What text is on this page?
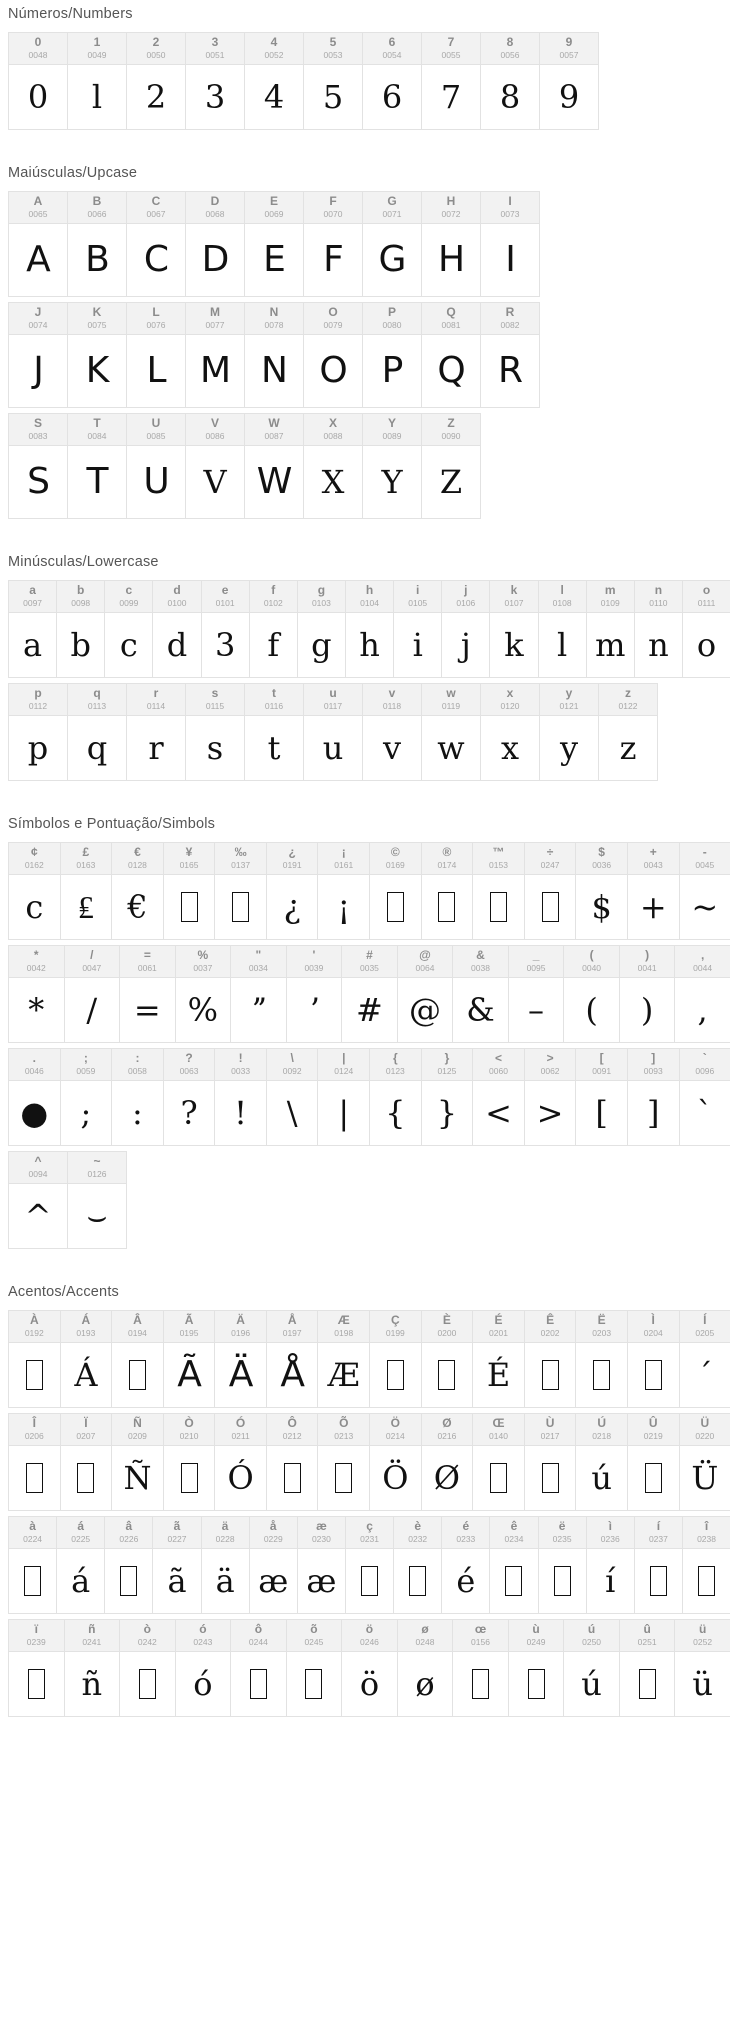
Números/Numbers
0
0048
0
1
0049
l
2
0050
2
3
0051
3
4
0052
4
5
0053
5
6
0054
6
7
0055
7
8
0056
8
9
0057
9
Maiúsculas/Upcase
A
0065
A
B
0066
B
C
0067
C
D
0068
D
E
0069
E
F
0070
F
G
0071
G
H
0072
H
I
0073
I
J
0074
J
K
0075
K
L
0076
L
M
0077
M
N
0078
N
O
0079
O
P
0080
P
Q
0081
Q
R
0082
R
S
0083
S
T
0084
T
U
0085
U
V
0086
V
W
0087
W
X
0088
X
Y
0089
Y
Z
0090
Z
Minúsculas/Lowercase
a
0097
a
b
0098
b
c
0099
c
d
0100
d
e
0101
3
f
0102
f
g
0103
g
h
0104
h
i
0105
i
j
0106
j
k
0107
k
l
0108
l
m
0109
m
n
0110
n
o
0111
o
p
0112
p
q
0113
q
r
0114
r
s
0115
s
t
0116
t
u
0117
u
v
0118
v
w
0119
w
x
0120
x
y
0121
y
z
0122
z
Símbolos e Pontuação/Simbols
¢
0162
c
£
0163
₤
€
0128
€
¥
0165
‰
0137
¿
0191
¿
¡
0161
¡
©
0169
®
0174
™
0153
÷
0247
$
0036
$
+
0043
+
-
0045
~
*
0042
*
/
0047
/
=
0061
=
%
0037
%
"
0034
ˮ
'
0039
ʼ
#
0035
#
@
0064
@
&
0038
&
_
0095
–
(
0040
(
)
0041
)
,
0044
,
.
0046
●
;
0059
;
:
0058
:
?
0063
?
!
0033
!
\
0092
\
|
0124
|
{
0123
{
}
0125
}
<
0060
<
>
0062
>
[
0091
[
]
0093
]
`
0096
`
^
0094
^
~
0126
⌣
Acentos/Accents
À
0192
Á
0193
Á
Â
0194
Ã
0195
Ã
Ä
0196
Ä
Å
0197
Å
Æ
0198
Æ
Ç
0199
È
0200
É
0201
É
Ê
0202
Ë
0203
Ì
0204
Í
0205
´
Î
0206
Ï
0207
Ñ
0209
Ñ
Ò
0210
Ó
0211
Ó
Ô
0212
Õ
0213
Ö
0214
Ö
Ø
0216
Ø
Œ
0140
Ù
0217
Ú
0218
ú
Û
0219
Ü
0220
Ü
à
0224
á
0225
á
â
0226
ã
0227
ã
ä
0228
ä
å
0229
æ
æ
0230
æ
ç
0231
è
0232
é
0233
é
ê
0234
ë
0235
ì
0236
í
í
0237
î
0238
ï
0239
ñ
0241
ñ
ò
0242
ó
0243
ó
ô
0244
õ
0245
ö
0246
ö
ø
0248
ø
œ
0156
ù
0249
ú
0250
ú
û
0251
ü
0252
ü
